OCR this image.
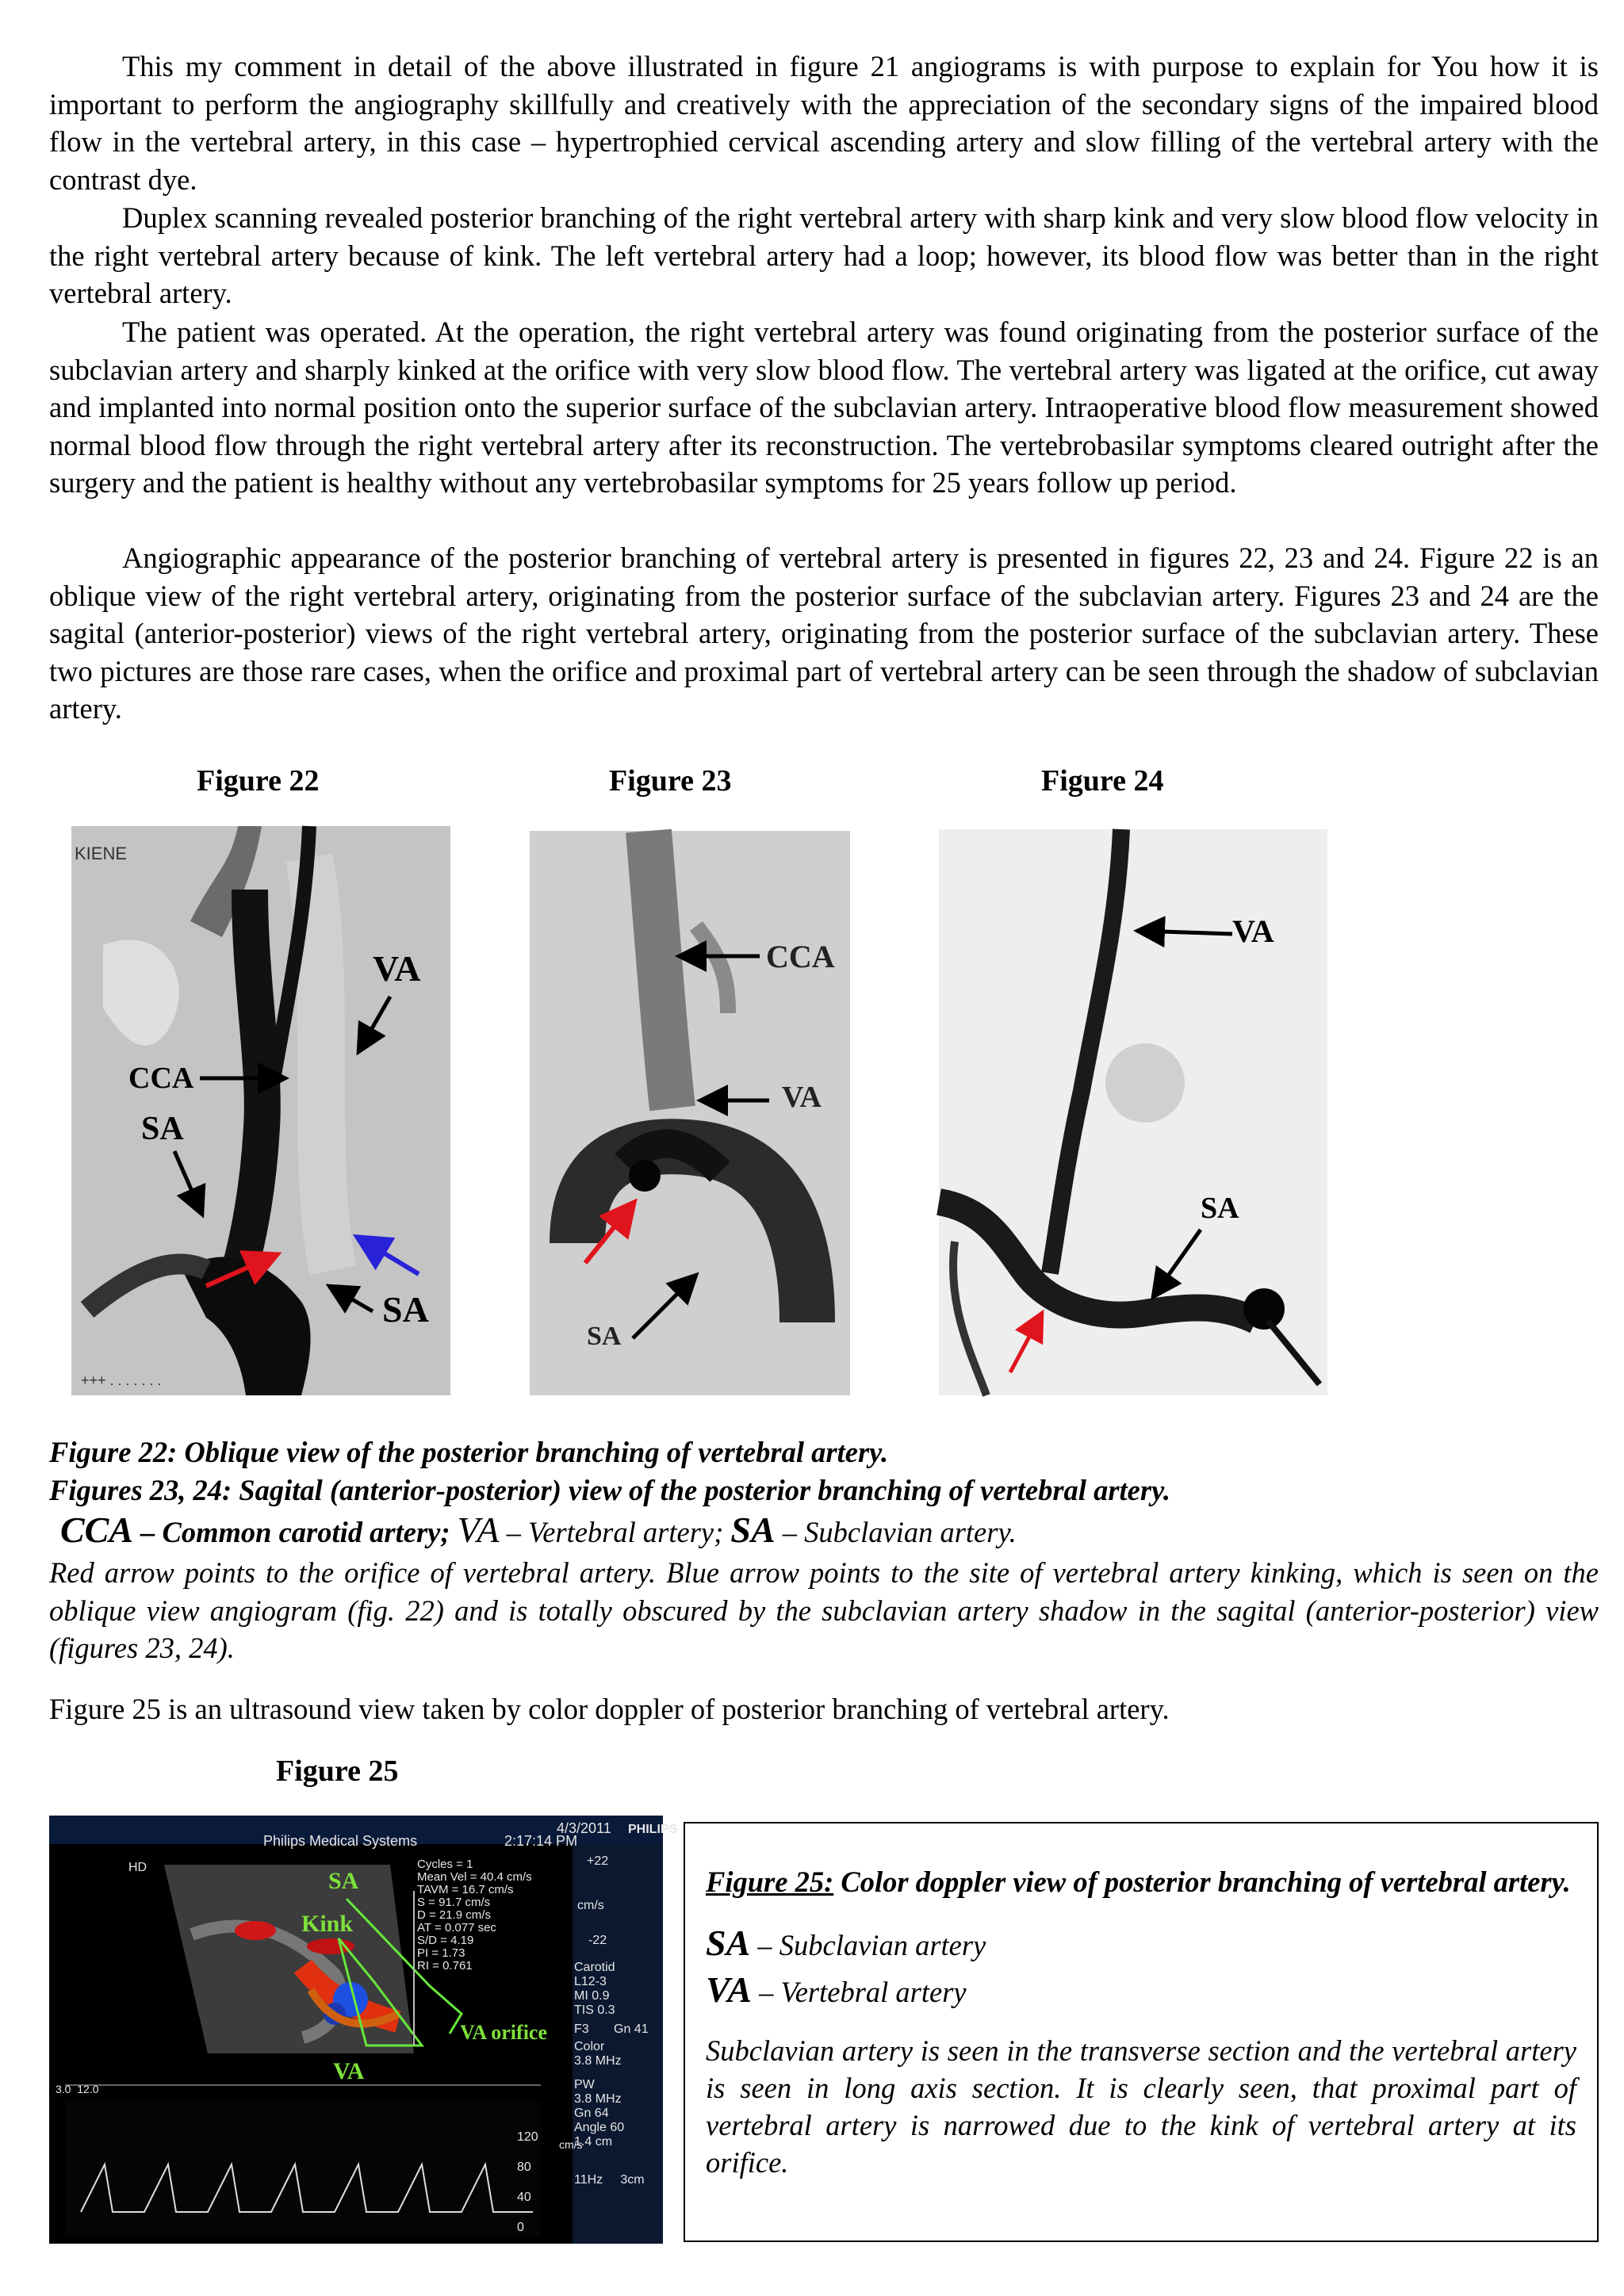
This my comment in detail of the above illustrated in figure 21 angiograms is with purpose to explain for You how it is important to perform the angiography skillfully and creatively with the appreciation of the secondary signs of the impaired blood flow in the vertebral artery, in this case – hypertrophied cervical ascending artery and slow filling of the vertebral artery with the contrast dye.

Duplex scanning revealed posterior branching of the right vertebral artery with sharp kink and very slow blood flow velocity in the right vertebral artery because of kink. The left vertebral artery had a loop; however, its blood flow was better than in the right vertebral artery.

The patient was operated. At the operation, the right vertebral artery was found originating from the posterior surface of the subclavian artery and sharply kinked at the orifice with very slow blood flow. The vertebral artery was ligated at the orifice, cut away and implanted into normal position onto the superior surface of the subclavian artery. Intraoperative blood flow measurement showed normal blood flow through the right vertebral artery after its reconstruction. The vertebrobasilar symptoms cleared outright after the surgery and the patient is healthy without any vertebrobasilar symptoms for 25 years follow up period.

Angiographic appearance of the posterior branching of vertebral artery is presented in figures 22, 23 and 24. Figure 22 is an oblique view of the right vertebral artery, originating from the posterior surface of the subclavian artery. Figures 23 and 24 are the sagital (anterior-posterior) views of the right vertebral artery, originating from the posterior surface of the subclavian artery. These two pictures are those rare cases, when the orifice and proximal part of vertebral artery can be seen through the shadow of subclavian artery.

Figure 22	Figure 23	Figure 24

KIENE
+++ . . . . . . .
VA
CCA
SA
SA
CCA
VA
SA
VA
SA

Figure 22: Oblique view of the posterior branching of vertebral artery.

Figures 23, 24: Sagital (anterior-posterior) view of the posterior branching of vertebral artery.

CCA – Common carotid artery; VA – Vertebral artery; SA – Subclavian artery.

Red arrow points to the orifice of vertebral artery. Blue arrow points to the site of vertebral artery kinking, which is seen on the oblique view angiogram (fig. 22) and is totally obscured by the subclavian artery shadow in the sagital (anterior-posterior) view (figures 23, 24).

Figure 25 is an ultrasound view taken by color doppler of posterior branching of vertebral artery.

Figure 25

4/3/2011 PHILIPS
Philips Medical Systems	2:17:14 PM
HD	Cycles = 1
Mean Vel = 40.4 cm/s
TAVM = 16.7 cm/s
S = 91.7 cm/s
D = 21.9 cm/s
AT = 0.077 sec
S/D = 4.19
PI = 1.73
RI = 0.761
+22
cm/s
-22
Carotid
L12-3
MI 0.9
TIS 0.3
F3 Gn 41
Color
3.8 MHz
PW
3.8 MHz
Gn 64
Angle 60
1.4 cm
11Hz     3cm
cm/s
120
80
40
0
3.0  12.0
SA
Kink
VA orifice
VA

Figure 25: Color doppler view of posterior branching of vertebral artery.

SA – Subclavian artery

VA – Vertebral artery

Subclavian artery is seen in the transverse section and the vertebral artery is seen in long axis section. It is clearly seen, that proximal part of vertebral artery is narrowed due to the kink of vertebral artery at its orifice.
